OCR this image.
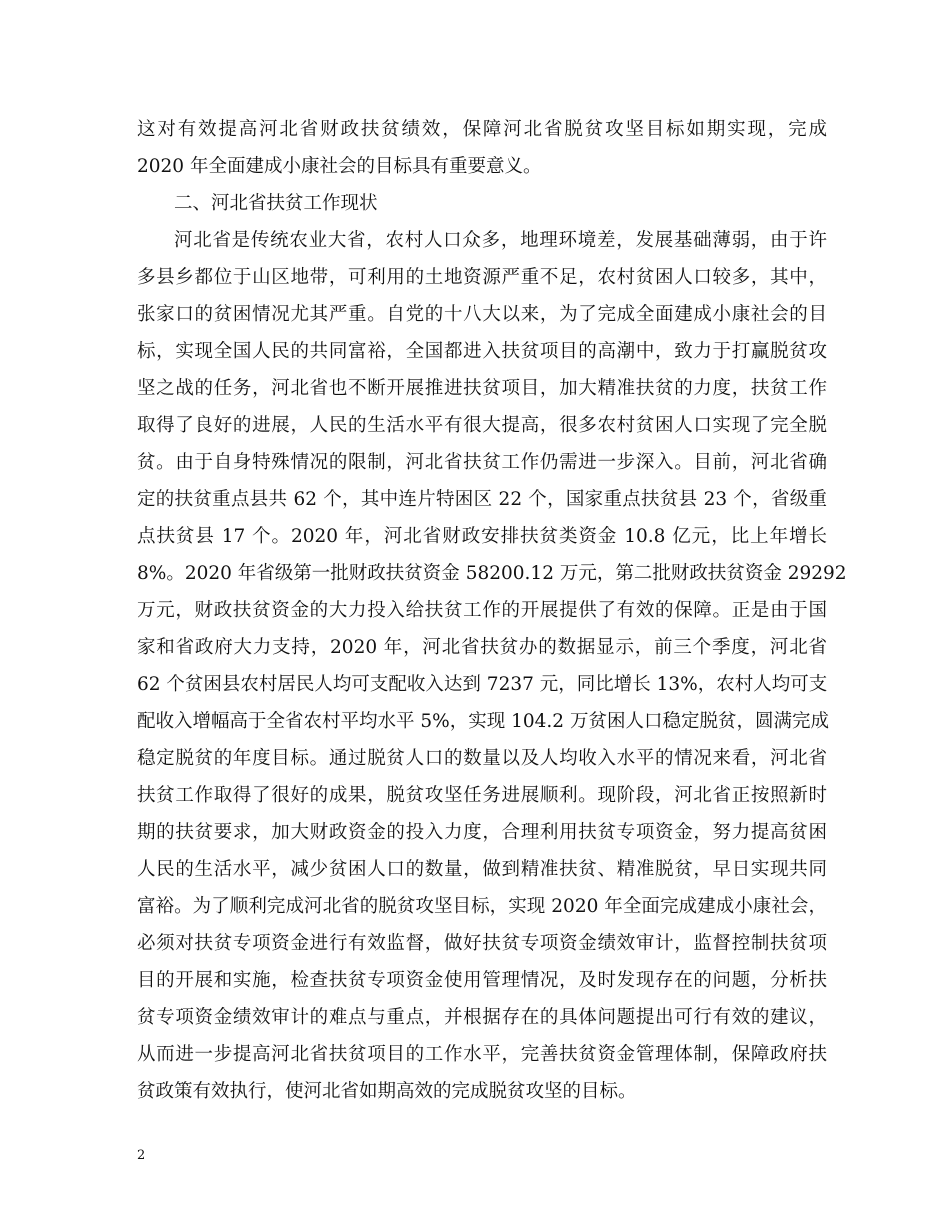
这对有效提高河北省财政扶贫绩效，保障河北省脱贫攻坚目标如期实现，完成
2020 年全面建成小康社会的目标具有重要意义。
二、河北省扶贫工作现状
河北省是传统农业大省，农村人口众多，地理环境差，发展基础薄弱，由于许
多县乡都位于山区地带，可利用的土地资源严重不足，农村贫困人口较多，其中，
张家口的贫困情况尤其严重。自党的十八大以来，为了完成全面建成小康社会的目
标，实现全国人民的共同富裕，全国都进入扶贫项目的高潮中，致力于打赢脱贫攻
坚之战的任务，河北省也不断开展推进扶贫项目，加大精准扶贫的力度，扶贫工作
取得了良好的进展，人民的生活水平有很大提高，很多农村贫困人口实现了完全脱
贫。由于自身特殊情况的限制，河北省扶贫工作仍需进一步深入。目前，河北省确
定的扶贫重点县共 62 个，其中连片特困区 22 个，国家重点扶贫县 23 个，省级重
点扶贫县 17 个。2020 年，河北省财政安排扶贫类资金 10.8 亿元，比上年增长
8%。2020 年省级第一批财政扶贫资金 58200.12 万元，第二批财政扶贫资金 29292
万元，财政扶贫资金的大力投入给扶贫工作的开展提供了有效的保障。正是由于国
家和省政府大力支持，2020 年，河北省扶贫办的数据显示，前三个季度，河北省
62 个贫困县农村居民人均可支配收入达到 7237 元，同比增长 13%，农村人均可支
配收入增幅高于全省农村平均水平 5%，实现 104.2 万贫困人口稳定脱贫，圆满完成
稳定脱贫的年度目标。通过脱贫人口的数量以及人均收入水平的情况来看，河北省
扶贫工作取得了很好的成果，脱贫攻坚任务进展顺利。现阶段，河北省正按照新时
期的扶贫要求，加大财政资金的投入力度，合理利用扶贫专项资金，努力提高贫困
人民的生活水平，减少贫困人口的数量，做到精准扶贫、精准脱贫，早日实现共同
富裕。为了顺利完成河北省的脱贫攻坚目标，实现 2020 年全面完成建成小康社会，
必须对扶贫专项资金进行有效监督，做好扶贫专项资金绩效审计，监督控制扶贫项
目的开展和实施，检查扶贫专项资金使用管理情况，及时发现存在的问题，分析扶
贫专项资金绩效审计的难点与重点，并根据存在的具体问题提出可行有效的建议，
从而进一步提高河北省扶贫项目的工作水平，完善扶贫资金管理体制，保障政府扶
贫政策有效执行，使河北省如期高效的完成脱贫攻坚的目标。
2
